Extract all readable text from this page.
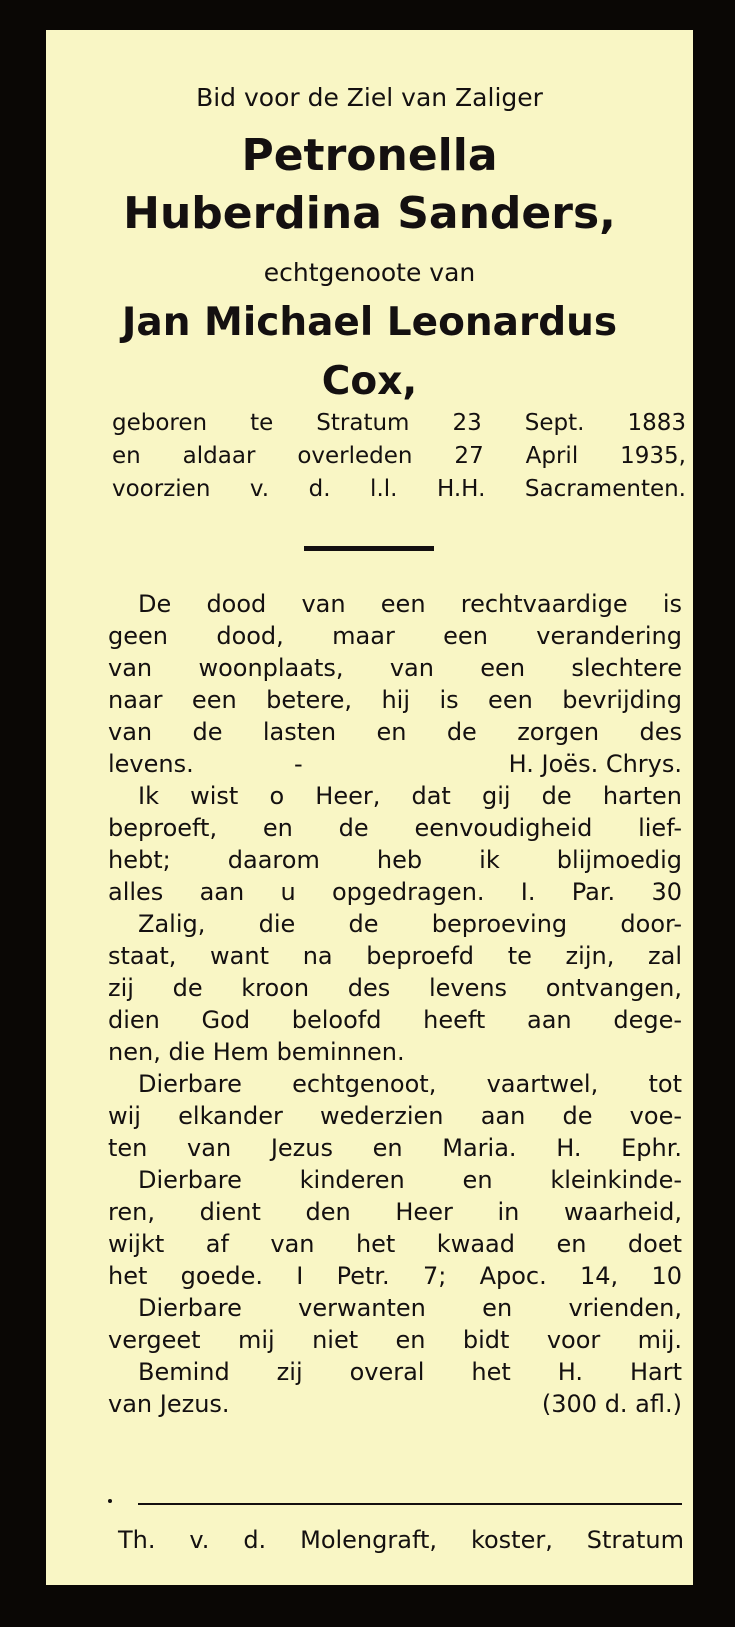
Bid voor de Ziel van Zaliger
Petronella
Huberdina Sanders,
echtgenoote van
Jan Michael Leonardus
Cox,
geboren te Stratum 23 Sept. 1883
en aldaar overleden 27 April 1935,
voorzien v. d. l.l. H.H. Sacramenten.
De dood van een rechtvaardige is
geen dood, maar een verandering
van woonplaats, van een slechtere
naar een betere, hij is een bevrijding
van de lasten en de zorgen des
levens.	-	H. Joës. Chrys.
Ik wist o Heer, dat gij de harten
beproeft, en de eenvoudigheid lief-
hebt; daarom heb ik blijmoedig
alles aan u opgedragen. I. Par. 30
Zalig, die de beproeving door-
staat, want na beproefd te zijn, zal
zij de kroon des levens ontvangen,
dien God beloofd heeft aan dege-
nen, die Hem beminnen.
Dierbare echtgenoot, vaartwel, tot
wij elkander wederzien aan de voe-
ten van Jezus en Maria. H. Ephr.
Dierbare kinderen en kleinkinde-
ren, dient den Heer in waarheid,
wijkt af van het kwaad en doet
het goede. I Petr. 7; Apoc. 14, 10
Dierbare verwanten en vrienden,
vergeet mij niet en bidt voor mij.
Bemind zij overal het H. Hart
van Jezus.	(300 d. afl.)
Th. v. d. Molengraft, koster, Stratum
